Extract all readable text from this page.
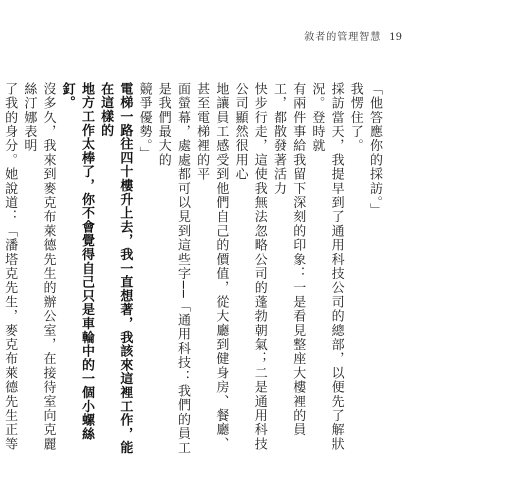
敘者的管理智慧 19

「他答應你的採訪。」

我愣住了。

採訪當天，我提早到了通用科技公司的總部，以便先了解狀況。登時就

有兩件事給我留下深刻的印象：一是看見整座大樓裡的員工，都散發著活力

快步行走，這使我無法忽略公司的蓬勃朝氣；二是通用科技公司顯然很用心

地讓員工感受到他們自己的價值，從大廳到健身房、餐廳、甚至電梯裡的平

面螢幕，處處都可以見到這些字──「通用科技：我們的員工是我們最大的

競爭優勢。」

電梯一路往四十樓升上去，我一直想著，我該來這裡工作，能在這樣的

地方工作太棒了，你不會覺得自己只是車輪中的一個小螺絲釘。

沒多久，我來到麥克布萊德先生的辦公室，在接待室向克麗絲汀娜表明

了我的身分。她說道：「潘塔克先生，麥克布萊德先生正等
